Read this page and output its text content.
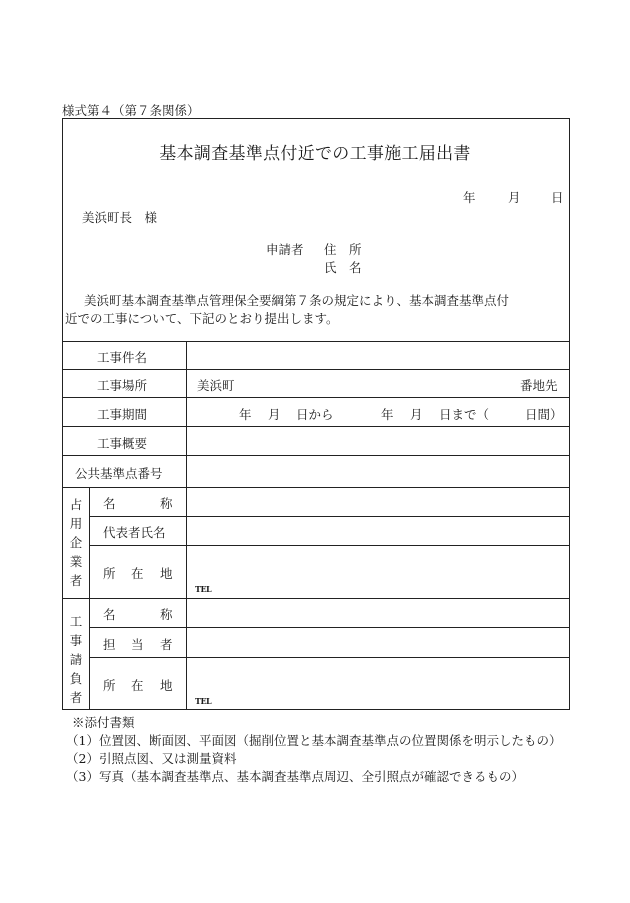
様式第４（第７条関係）
基本調査基準点付近での工事施工届出書
年	月 日
美浜町長　様
申請者 住　所
氏　名
美浜町基本調査基準点管理保全要綱第７条の規定により、基本調査基準点付
近での工事について、下記のとおり提出します。
工事件名
工事場所	美浜町	番地先
工事期間	年 月 日から	年 月 日まで（	日間）
工事概要
公共基準点番号
占
用
企
業
者
名	称
代表者氏名
所 在 地
TEL
工
事
請
負
者
名	称
担 当 者
所 在 地
TEL
※添付書類
（1）位置図、断面図、平面図（掘削位置と基本調査基準点の位置関係を明示したもの）
（2）引照点図、又は測量資料
（3）写真（基本調査基準点、基本調査基準点周辺、全引照点が確認できるもの）
